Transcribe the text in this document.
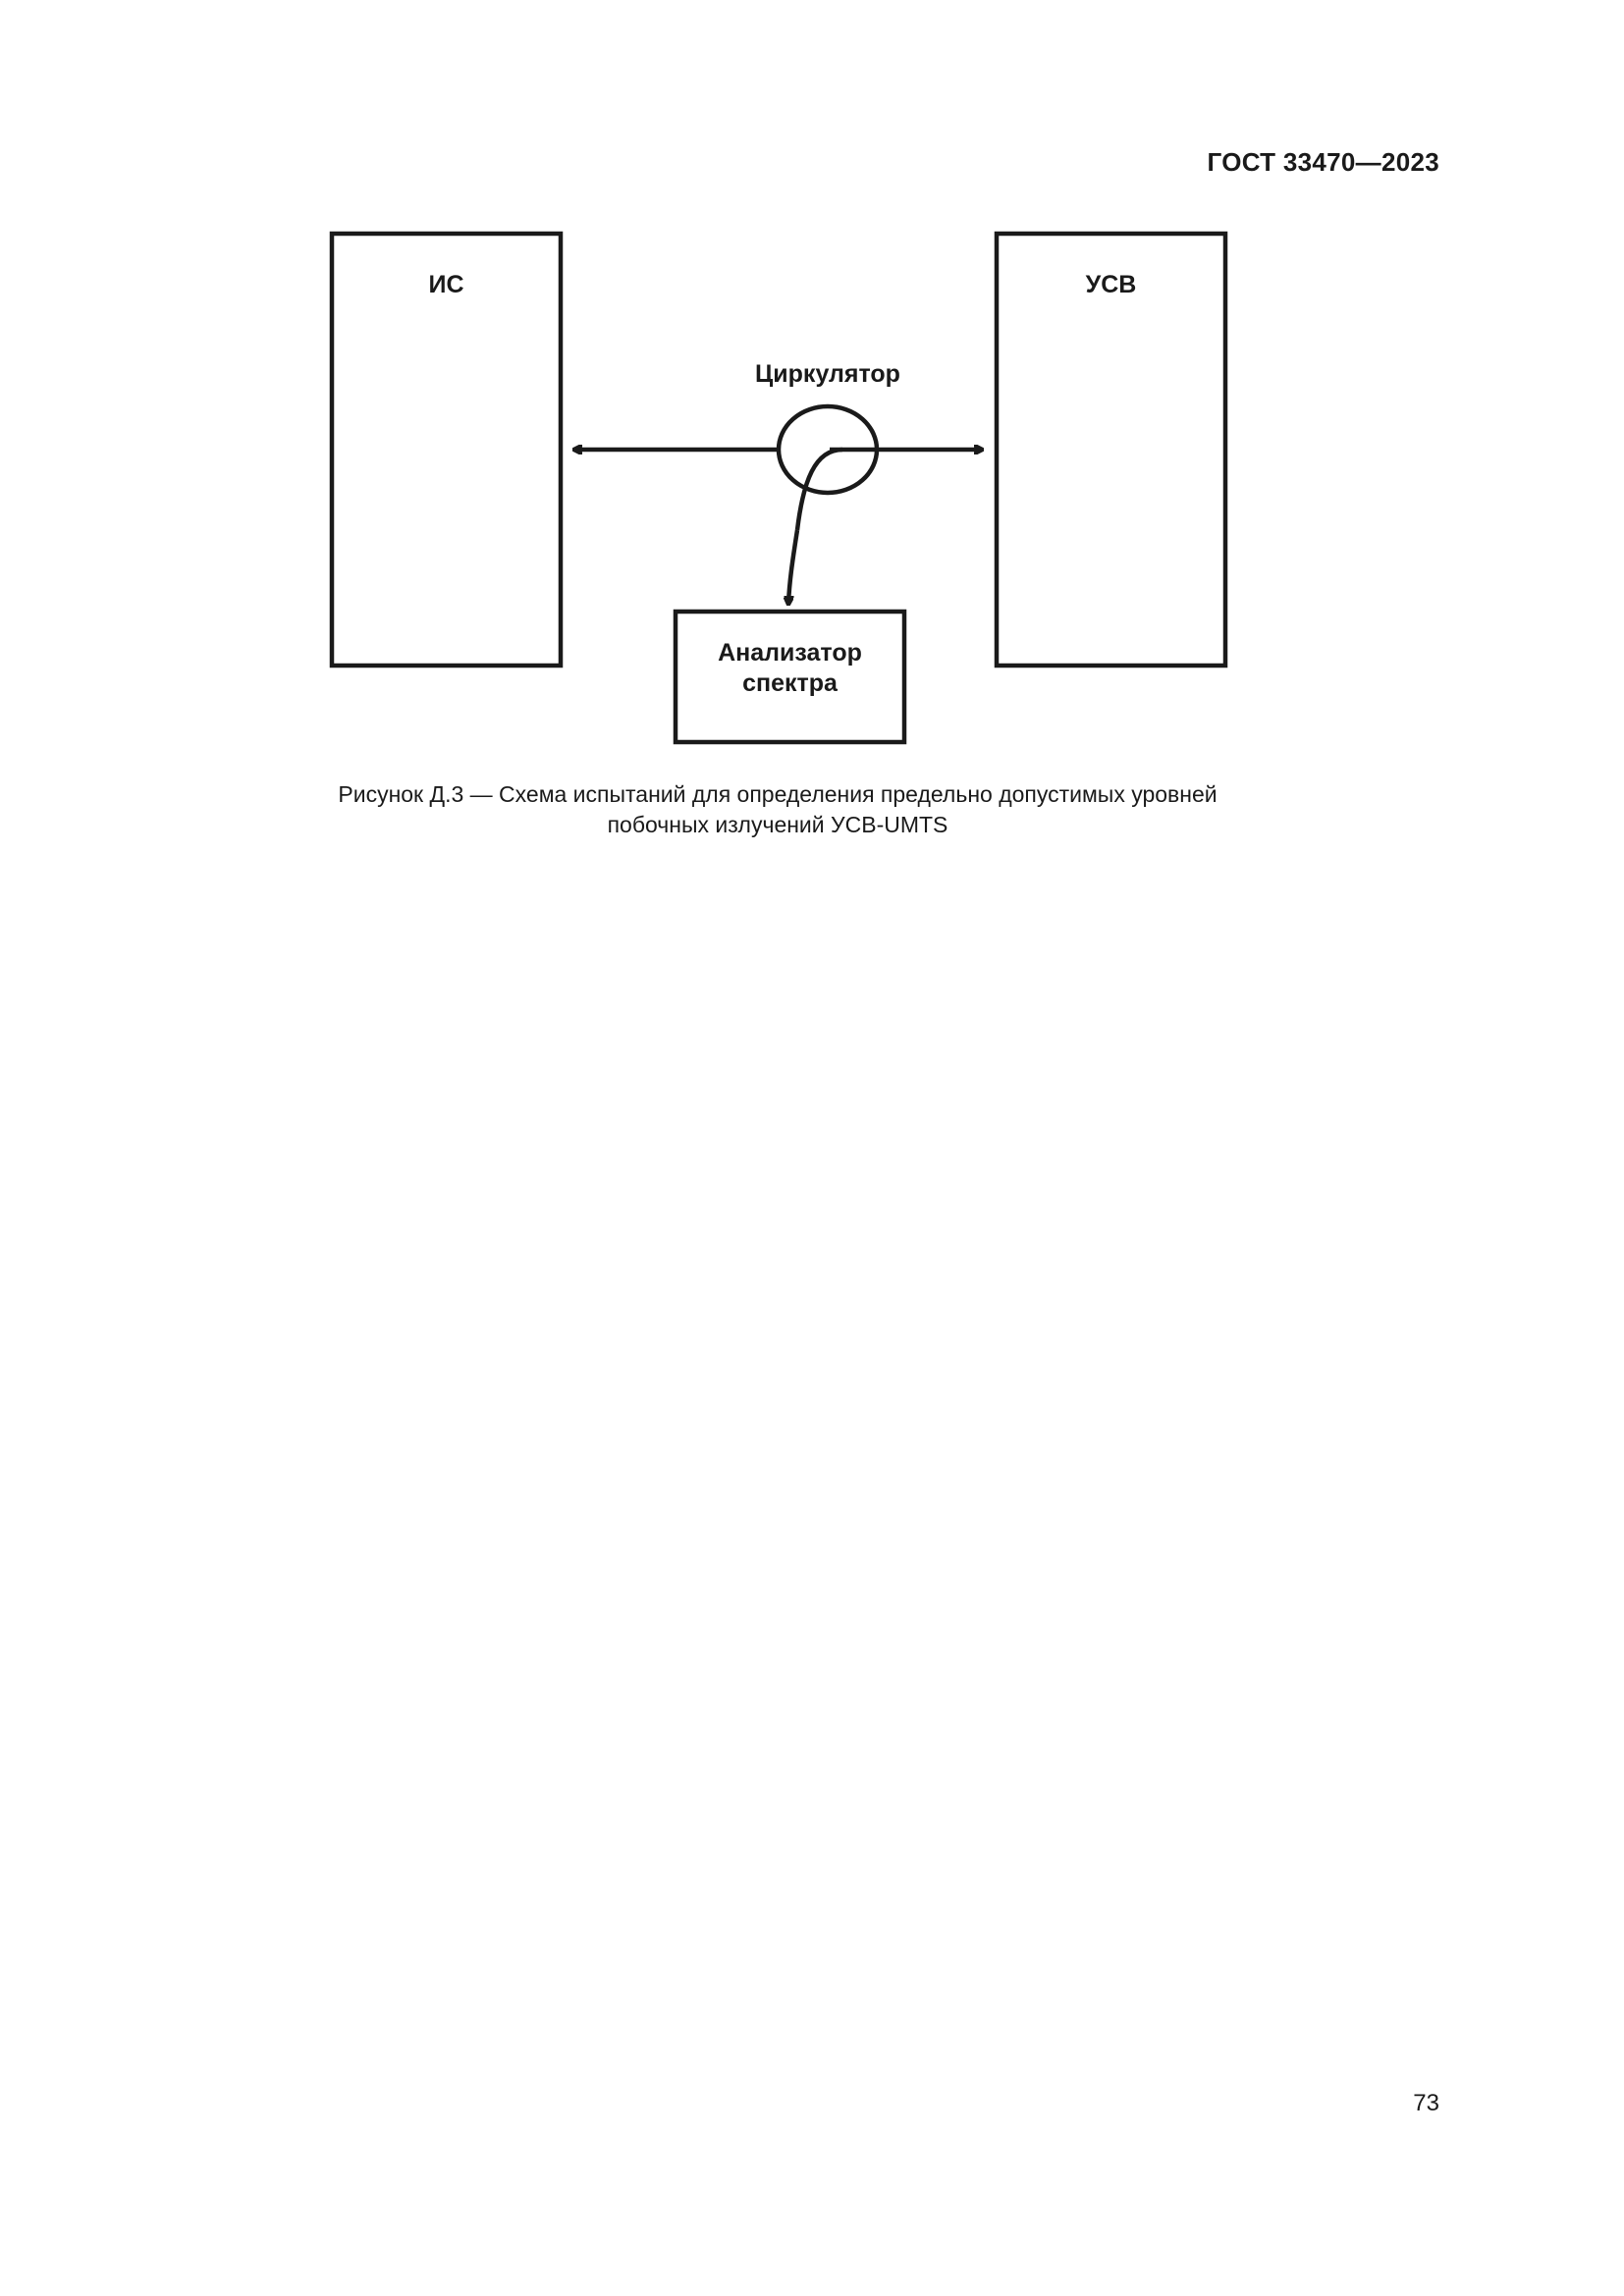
ГОСТ 33470—2023
ИС	УСВ
Циркулятор
Анализатор
спектра
Рисунок Д.3 — Схема испытаний для определения предельно допустимых уровней
побочных излучений УСВ-UMTS
73
